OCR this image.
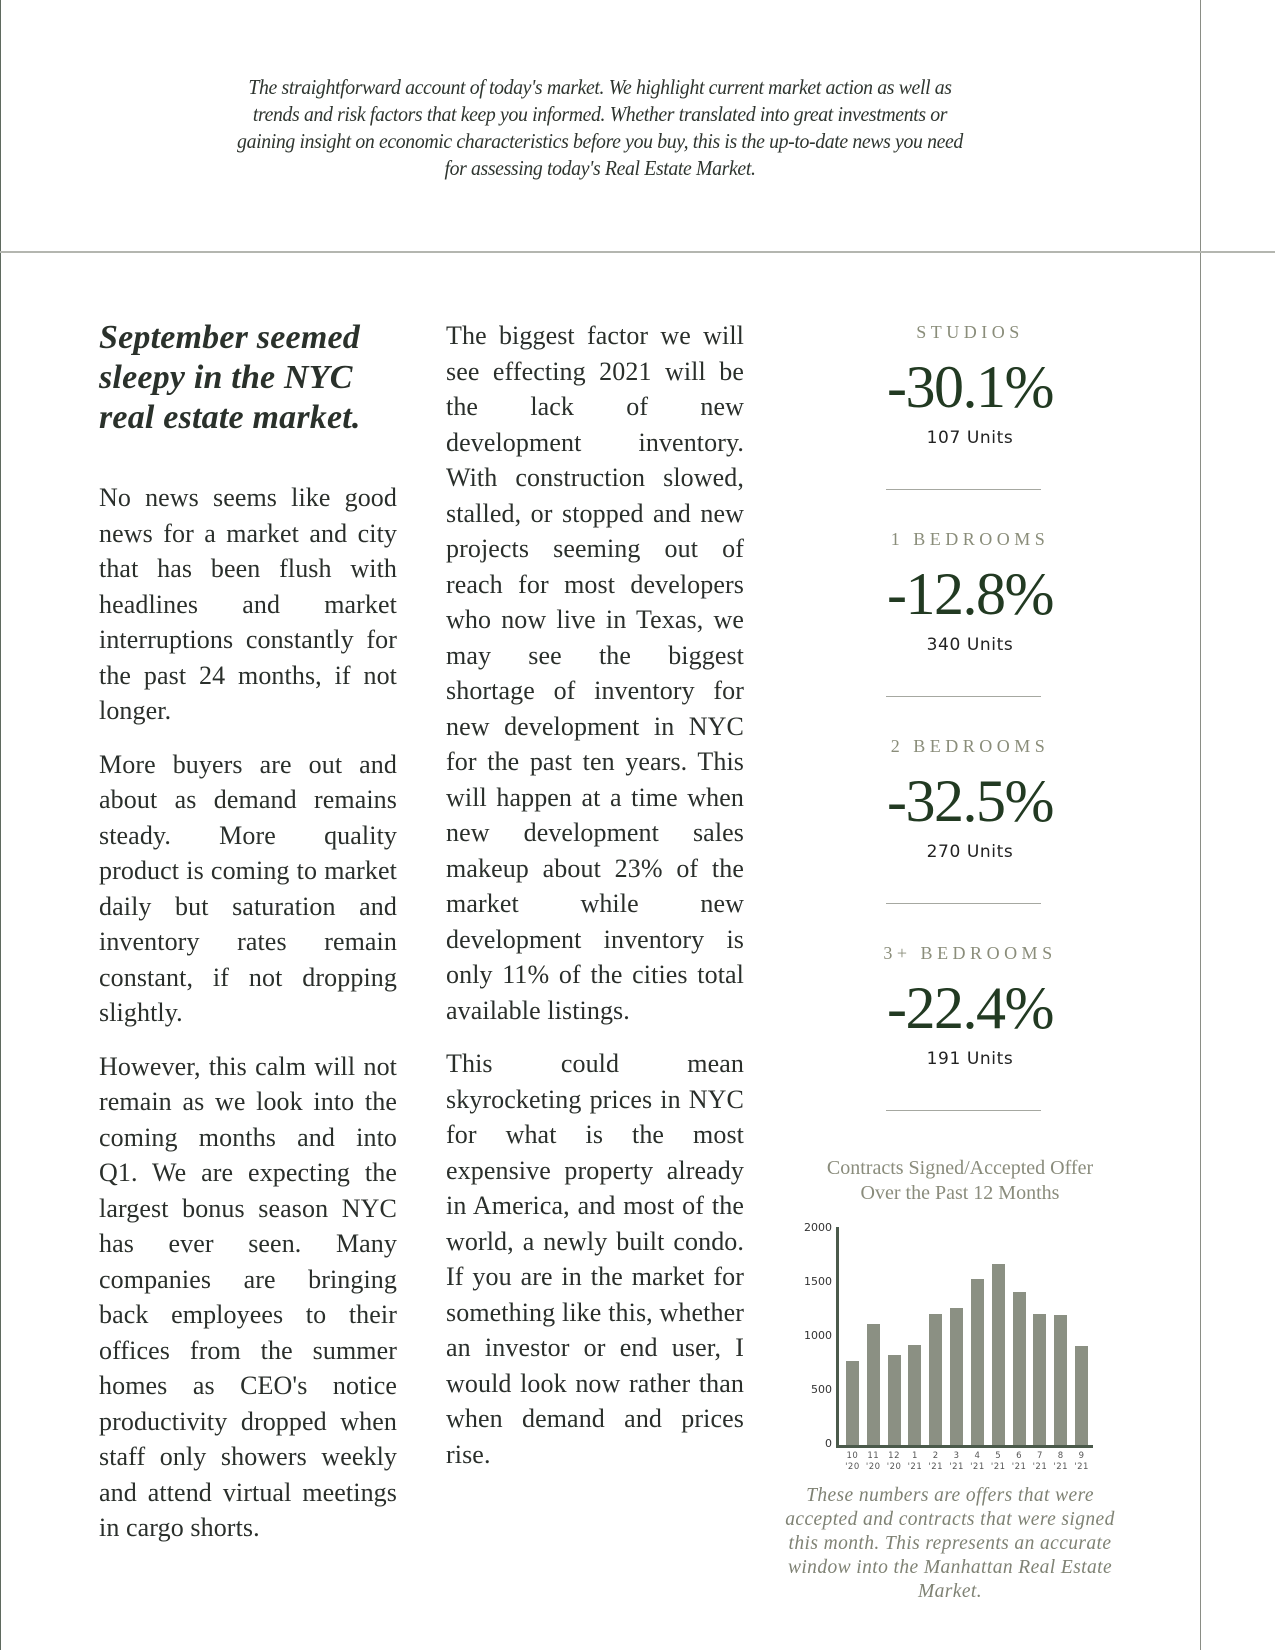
The straightforward account of today's market. We highlight current market action as well as trends and risk factors that keep you informed. Whether translated into great investments or gaining insight on economic characteristics before you buy, this is the up-to-date news you need for assessing today's Real Estate Market.
September seemed sleepy in the NYC real estate market.

No news seems like good news for a market and city that has been flush with headlines and market interruptions constantly for the past 24 months, if not longer.

More buyers are out and about as demand remains steady. More quality product is coming to market daily but saturation and inventory rates remain constant, if not dropping slightly.

However, this calm will not remain as we look into the coming months and into Q1. We are expecting the largest bonus season NYC has ever seen. Many companies are bringing back employees to their offices from the summer homes as CEO's notice productivity dropped when staff only showers weekly and attend virtual meetings in cargo shorts.

The biggest factor we will see effecting 2021 will be the lack of new development inventory. With construction slowed, stalled, or stopped and new projects seeming out of reach for most developers who now live in Texas, we may see the biggest shortage of inventory for new development in NYC for the past ten years. This will happen at a time when new development sales makeup about 23% of the market while new development inventory is only 11% of the cities total available listings.

This could mean skyrocketing prices in NYC for what is the most expensive property already in America, and most of the world, a newly built condo. If you are in the market for something like this, whether an investor or end user, I would look now rather than when demand and prices rise.

STUDIOS
-30.1%
107 Units
1 BEDROOMS
-12.8%
340 Units
2 BEDROOMS
-32.5%
270 Units
3+ BEDROOMS
-22.4%
191 Units
Contracts Signed/Accepted Offer
Over the Past 12 Months
2000
1500
1000
500
0
10
'20
11
'20
12
'20
1
'21
2
'21
3
'21
4
'21
5
'21
6
'21
7
'21
8
'21
9
'21
These numbers are offers that were accepted and contracts that were signed this month. This represents an accurate window into the Manhattan Real Estate Market.
